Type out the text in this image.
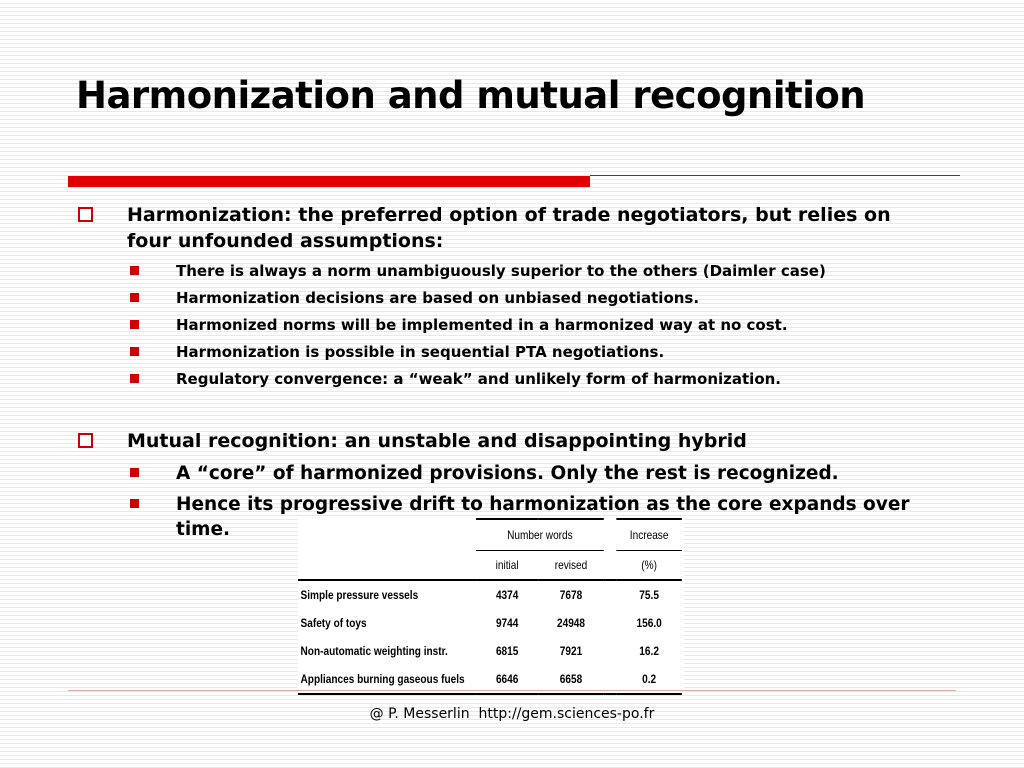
Harmonization and mutual recognition
Harmonization: the preferred option of trade negotiators, but relies on four unfounded assumptions:
There is always a norm unambiguously superior to the others (Daimler case)
Harmonization decisions are based on unbiased negotiations.
Harmonized norms will be implemented in a harmonized way at no cost.
Harmonization is possible in sequential PTA negotiations.
Regulatory convergence: a “weak” and unlikely form of harmonization.
Mutual recognition: an unstable and disappointing hybrid
A “core” of harmonized provisions. Only the rest is recognized.
Hence its progressive drift to harmonization as the core expands over time.
		Number words			Increase
	initial	revised		(%)
Simple pressure vessels	4374	7678		75.5
Safety of toys	9744	24948		156.0
Non-automatic weighting instr.	6815	7921		16.2
Appliances burning gaseous fuels	6646	6658		0.2
@ P. Messerlin  http://gem.sciences-po.fr
